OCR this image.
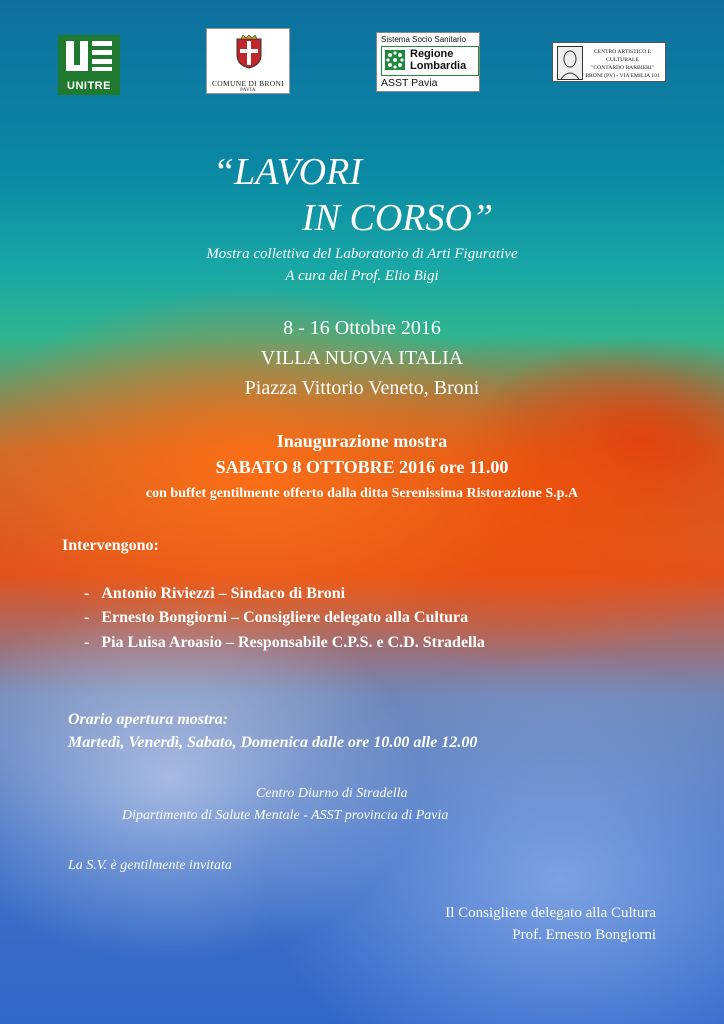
UNITRE	COMUNE DI BRONI
PAVIA
Sistema Socio Sanitario
Regione
Lombardia
ASST Pavia
CENTRO ARTISTICO E CULTURALE
"CONTARDO BARBIERI"
BRONI (PV) - VIA EMILIA 101
“LAVORI
IN CORSO”
Mostra collettiva del Laboratorio di Arti Figurative
A cura del Prof. Elio Bigi
8 - 16 Ottobre 2016
VILLA NUOVA ITALIA
Piazza Vittorio Veneto, Broni
Inaugurazione mostra
SABATO 8 OTTOBRE 2016 ore 11.00
con buffet gentilmente offerto dalla ditta Serenissima Ristorazione S.p.A
Intervengono:
- Antonio Riviezzi – Sindaco di Broni
- Ernesto Bongiorni – Consigliere delegato alla Cultura
- Pia Luisa Aroasio – Responsabile C.P.S. e C.D. Stradella
Orario apertura mostra:
Martedì, Venerdì, Sabato, Domenica dalle ore 10.00 alle 12.00
Centro Diurno di Stradella
Dipartimento di Salute Mentale - ASST provincia di Pavia
La S.V. è gentilmente invitata
Il Consigliere delegato alla Cultura
Prof. Ernesto Bongiorni
